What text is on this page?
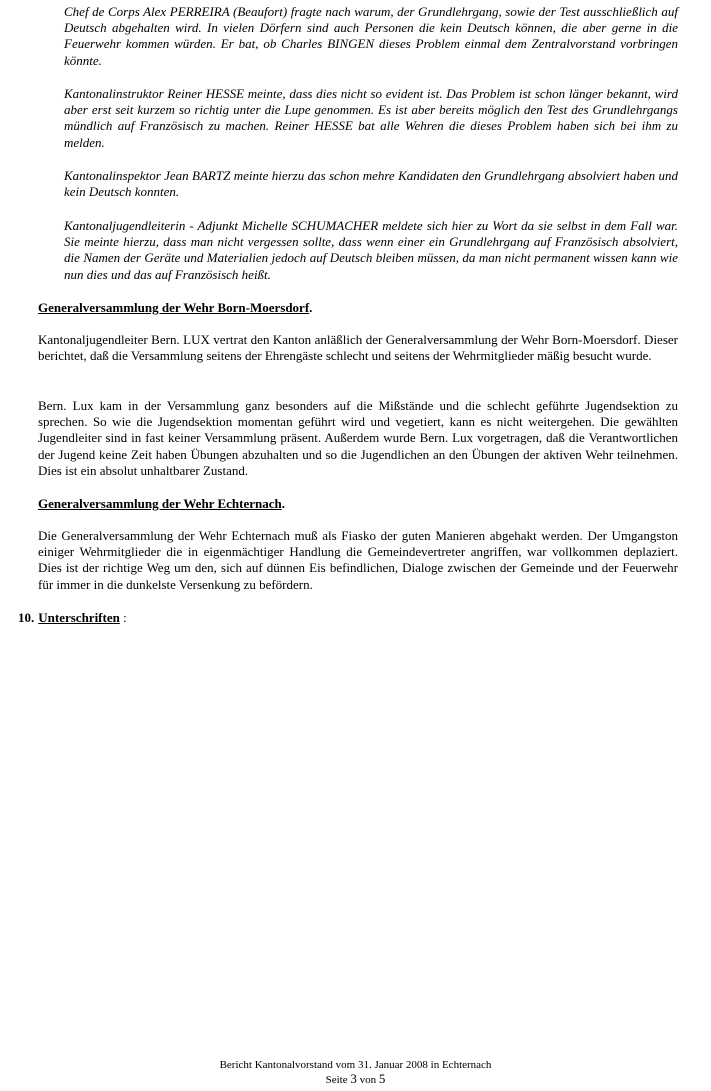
Chef de Corps Alex PERREIRA (Beaufort) fragte nach warum, der Grundlehrgang, sowie der Test ausschließlich auf Deutsch abgehalten wird. In vielen Dörfern sind auch Personen die kein Deutsch können, die aber gerne in die Feuerwehr kommen würden. Er bat, ob Charles BINGEN dieses Problem einmal dem Zentralvorstand vorbringen könnte.

Kantonalinstruktor Reiner HESSE meinte, dass dies nicht so evident ist. Das Problem ist schon länger bekannt, wird aber erst seit kurzem so richtig unter die Lupe genommen. Es ist aber bereits möglich den Test des Grundlehrgangs mündlich auf Französisch zu machen. Reiner HESSE bat alle Wehren die dieses Problem haben sich bei ihm zu melden.

Kantonalinspektor Jean BARTZ meinte hierzu das schon mehre Kandidaten den Grundlehrgang absolviert haben und kein Deutsch konnten.

Kantonaljugendleiterin - Adjunkt Michelle SCHUMACHER meldete sich hier zu Wort da sie selbst in dem Fall war. Sie meinte hierzu, dass man nicht vergessen sollte, dass wenn einer ein Grundlehrgang auf Französisch absolviert, die Namen der Geräte und Materialien jedoch auf Deutsch bleiben müssen, da man nicht permanent wissen kann wie nun dies und das auf Französisch heißt.

Generalversammlung der Wehr Born-Moersdorf.

Kantonaljugendleiter Bern. LUX vertrat den Kanton anläßlich der Generalversammlung der Wehr Born-Moersdorf. Dieser berichtet, daß die Versammlung seitens der Ehrengäste schlecht und seitens der Wehrmitglieder mäßig besucht wurde.

Bern. Lux kam in der Versammlung ganz besonders auf die Mißstände und die schlecht geführte Jugendsektion zu sprechen. So wie die Jugendsektion momentan geführt wird und vegetiert, kann es nicht weitergehen. Die gewählten Jugendleiter sind in fast keiner Versammlung präsent. Außerdem wurde Bern. Lux vorgetragen, daß die Verantwortlichen der Jugend keine Zeit haben Übungen abzuhalten und so die Jugendlichen an den Übungen der aktiven Wehr teilnehmen. Dies ist ein absolut unhaltbarer Zustand.

Generalversammlung der Wehr Echternach.

Die Generalversammlung der Wehr Echternach muß als Fiasko der guten Manieren abgehakt werden. Der Umgangston einiger Wehrmitglieder die in eigenmächtiger Handlung die Gemeindevertreter angriffen, war vollkommen deplaziert. Dies ist der richtige Weg um den, sich auf dünnen Eis befindlichen, Dialoge zwischen der Gemeinde und der Feuerwehr für immer in die dunkelste Versenkung zu befördern.

10. Unterschriften :

Bericht Kantonalvorstand vom 31. Januar 2008 in Echternach
Seite 3 von 5
